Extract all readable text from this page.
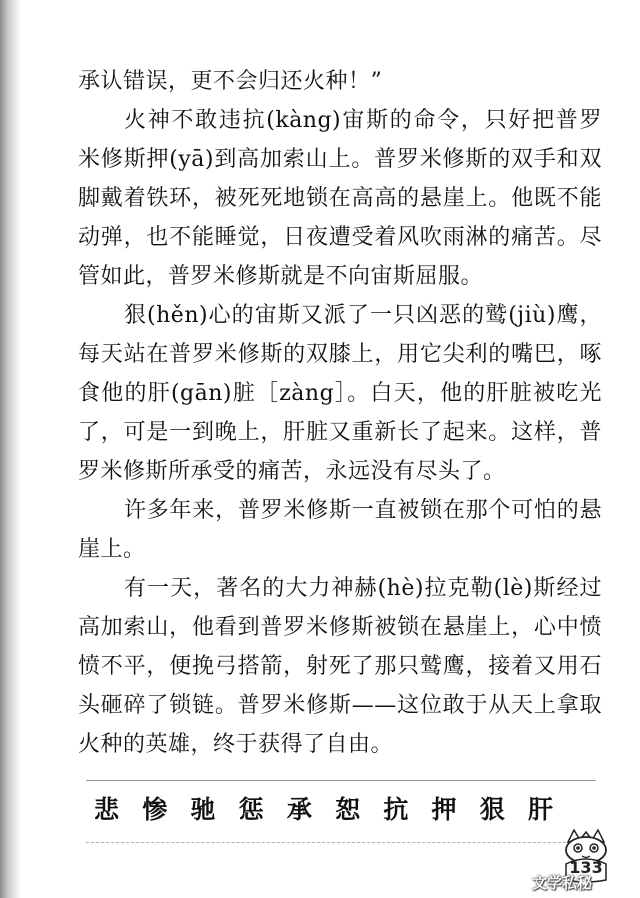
承认错误，更不会归还火种！”

火神不敢违抗(kàng)宙斯的命令，只好把普罗米修斯押(yā)到高加索山上。普罗米修斯的双手和双脚戴着铁环，被死死地锁在高高的悬崖上。他既不能动弹，也不能睡觉，日夜遭受着风吹雨淋的痛苦。尽管如此，普罗米修斯就是不向宙斯屈服。

狠(hěn)心的宙斯又派了一只凶恶的鹫(jiù)鹰，每天站在普罗米修斯的双膝上，用它尖利的嘴巴，啄食他的肝(gān)脏［zàng］。白天，他的肝脏被吃光了，可是一到晚上，肝脏又重新长了起来。这样，普罗米修斯所承受的痛苦，永远没有尽头了。

许多年来，普罗米修斯一直被锁在那个可怕的悬崖上。

有一天，著名的大力神赫(hè)拉克勒(lè)斯经过高加索山，他看到普罗米修斯被锁在悬崖上，心中愤愤不平，便挽弓搭箭，射死了那只鹫鹰，接着又用石头砸碎了锁链。普罗米修斯——这位敢于从天上拿取火种的英雄，终于获得了自由。

悲 惨 驰 惩 承 恕 抗 押 狠 肝
133
文学私秘
